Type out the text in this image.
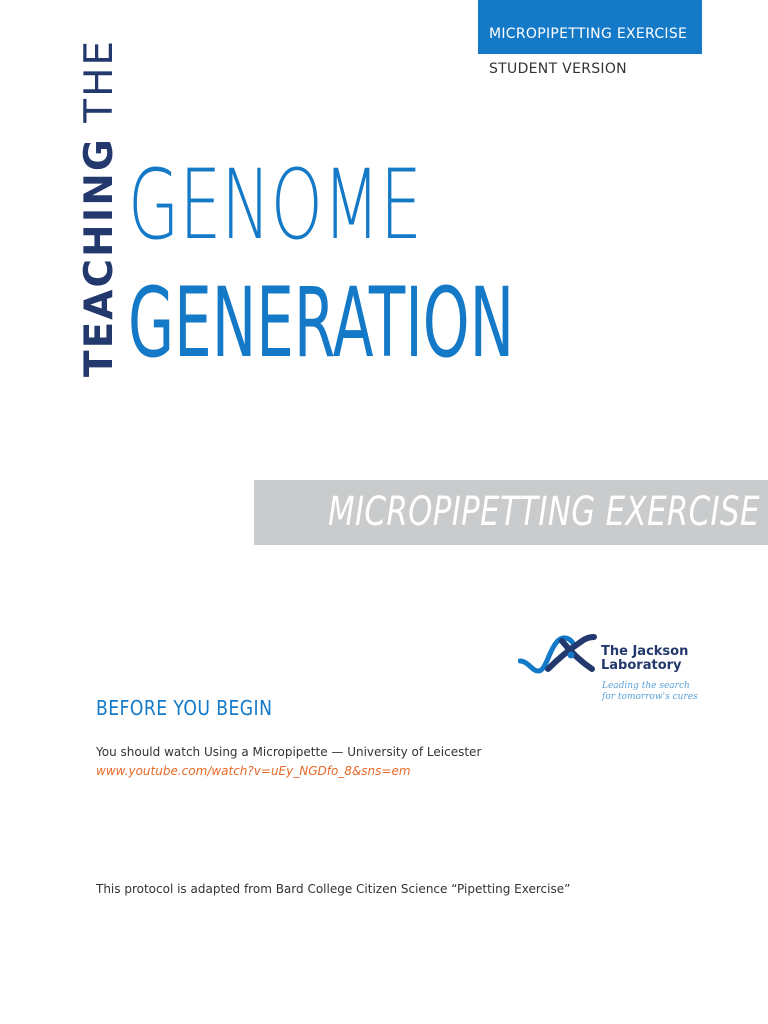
MICROPIPETTING EXERCISE
STUDENT VERSION
TEACHING THE
GENOME
GENERATION
MICROPIPETTING EXERCISE
The Jackson
Laboratory
Leading the search
for tomorrow's cures
BEFORE YOU BEGIN
You should watch Using a Micropipette — University of Leicester
www.youtube.com/watch?v=uEy_NGDfo_8&sns=em
This protocol is adapted from Bard College Citizen Science “Pipetting Exercise”
